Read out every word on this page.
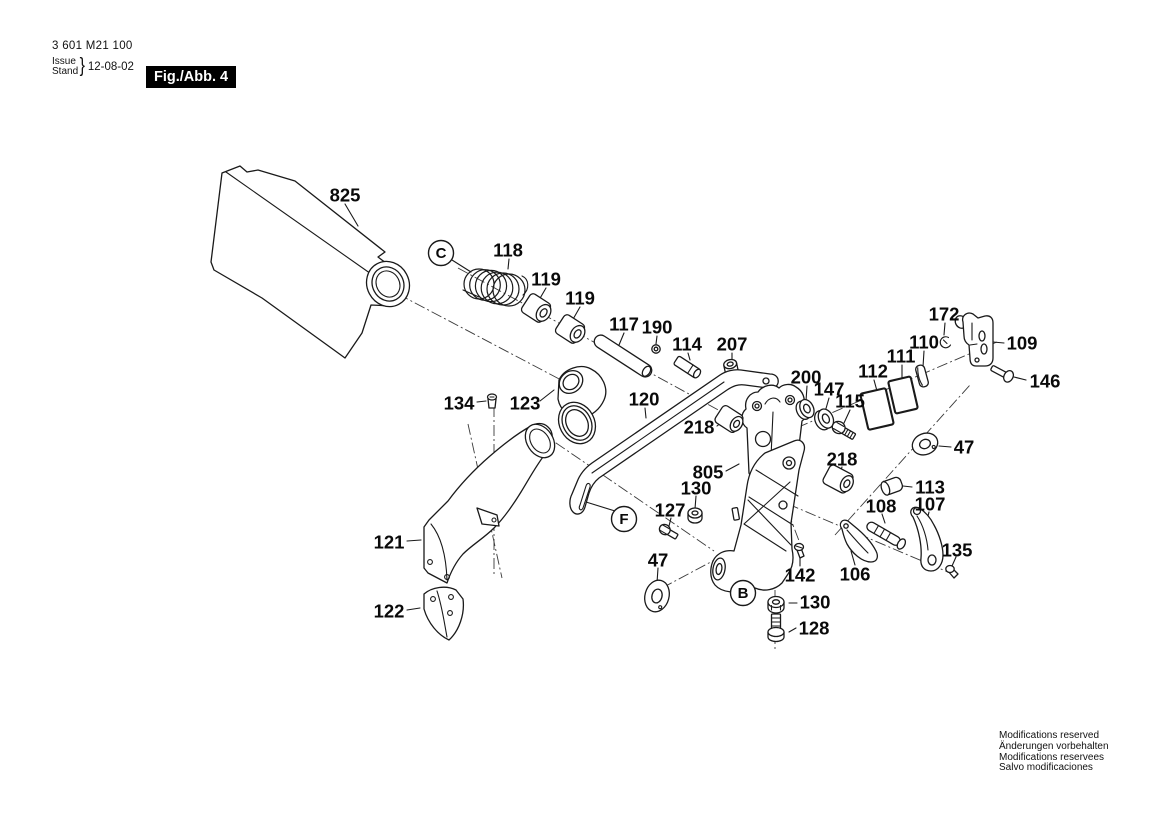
3 601 M21 100
Issue
Stand } 12-08-02
Fig./Abb. 4
825
118
119
119
117 190
114 207
172
110
111
112
109
146
200
147
115
134 123	120
218
47
805
218
113
130
127	108 107
135
121
47
142 106
122	130
128
C
F
B
Modifications reserved
Änderungen vorbehalten
Modifications reservees
Salvo modificaciones
